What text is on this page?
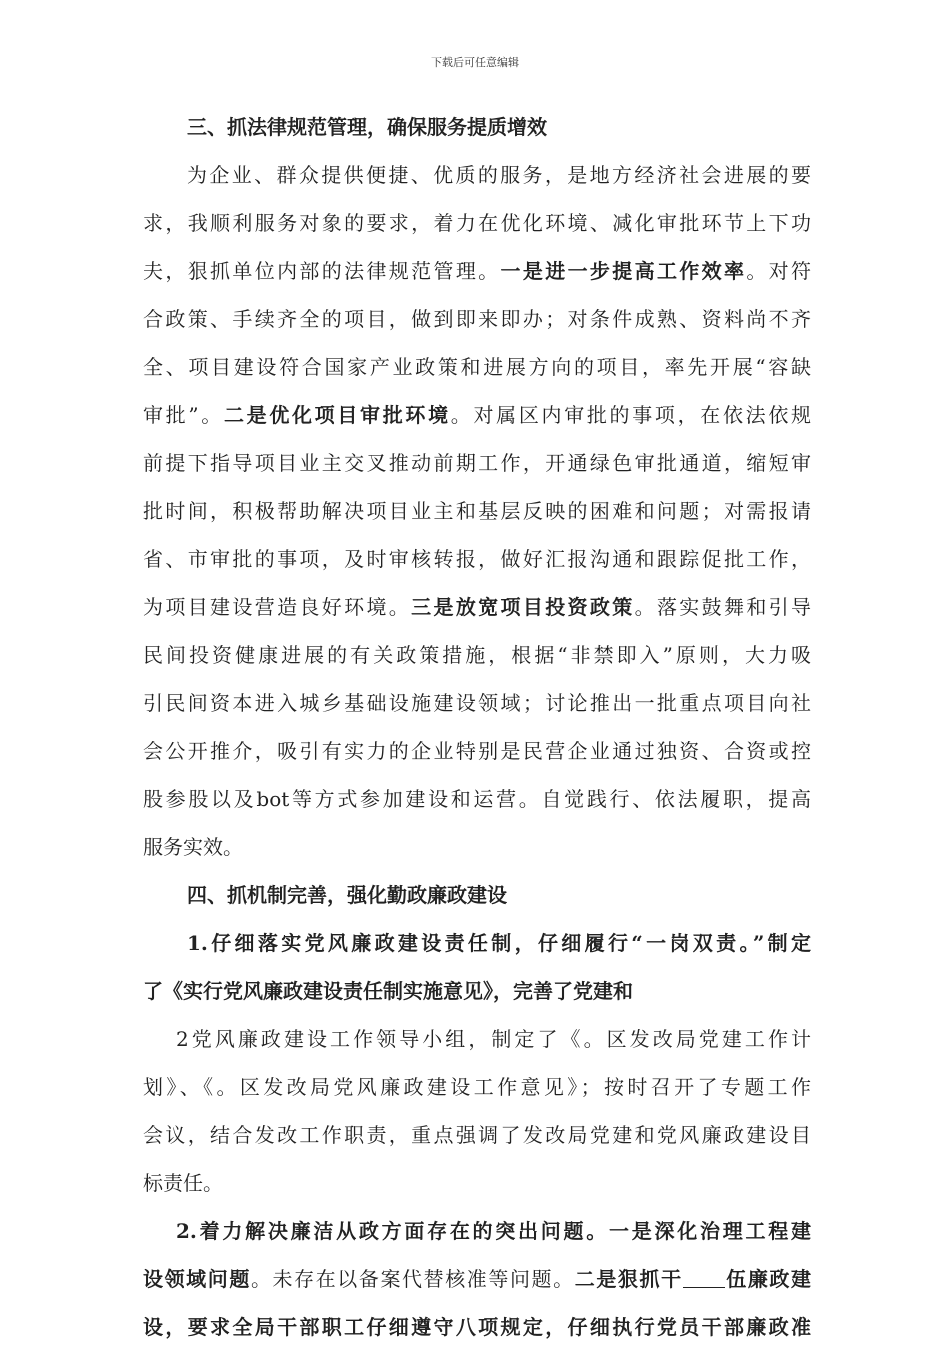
下载后可任意编辑
三、抓法律规范管理，确保服务提质增效
为企业、群众提供便捷、优质的服务，是地方经济社会进展的要
求，我顺利服务对象的要求，着力在优化环境、减化审批环节上下功
夫，狠抓单位内部的法律规范管理。一是进一步提高工作效率。对符
合政策、手续齐全的项目，做到即来即办；对条件成熟、资料尚不齐
全、项目建设符合国家产业政策和进展方向的项目，率先开展“容缺
审批”。二是优化项目审批环境。对属区内审批的事项，在依法依规
前提下指导项目业主交叉推动前期工作，开通绿色审批通道，缩短审
批时间，积极帮助解决项目业主和基层反映的困难和问题；对需报请
省、市审批的事项，及时审核转报，做好汇报沟通和跟踪促批工作，
为项目建设营造良好环境。三是放宽项目投资政策。落实鼓舞和引导
民间投资健康进展的有关政策措施，根据“非禁即入”原则，大力吸
引民间资本进入城乡基础设施建设领域；讨论推出一批重点项目向社
会公开推介，吸引有实力的企业特别是民营企业通过独资、合资或控
股参股以及bot等方式参加建设和运营。自觉践行、依法履职，提高
服务实效。
四、抓机制完善，强化勤政廉政建设
1.仔细落实党风廉政建设责任制，仔细履行“一岗双责。”制定
了《实行党风廉政建设责任制实施意见》，完善了党建和
2党风廉政建设工作领导小组，制定了《。区发改局党建工作计
划》、《。区发改局党风廉政建设工作意见》；按时召开了专题工作
会议，结合发改工作职责，重点强调了发改局党建和党风廉政建设目
标责任。
2.着力解决廉洁从政方面存在的突出问题。一是深化治理工程建
设领域问题。未存在以备案代替核准等问题。二是狠抓干 伍廉政建
设，要求全局干部职工仔细遵守八项规定，仔细执行党员干部廉政准
